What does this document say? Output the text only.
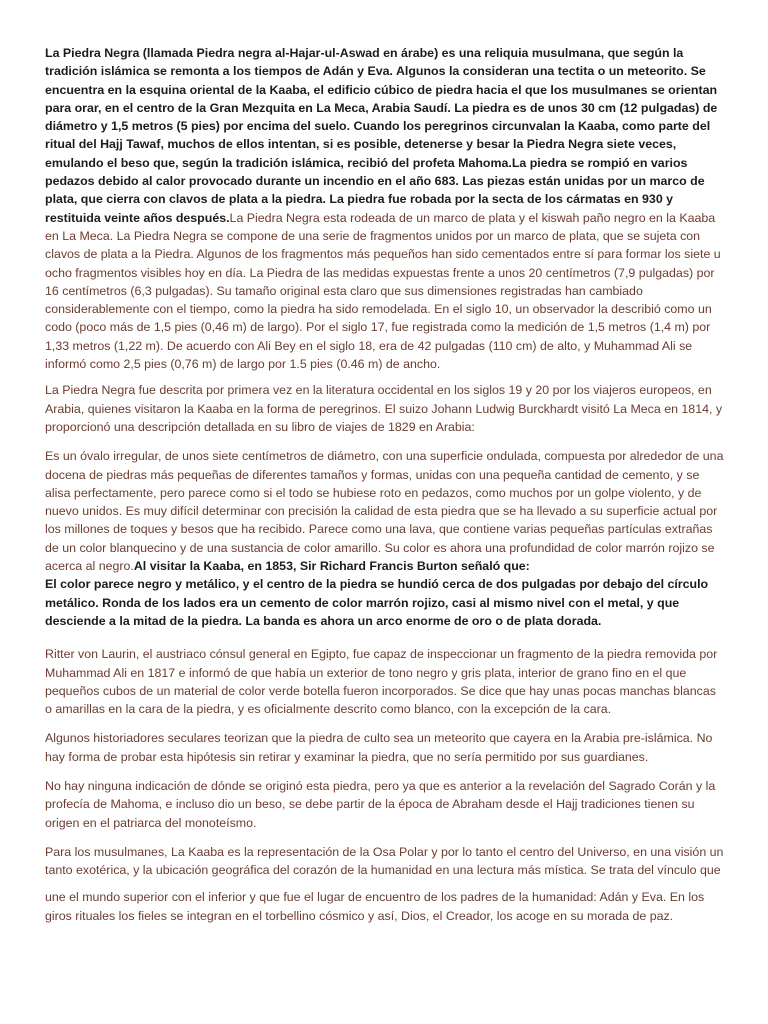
La Piedra Negra (llamada Piedra negra al-Hajar-ul-Aswad en árabe) es una reliquia musulmana, que según la tradición islámica se remonta a los tiempos de Adán y Eva. Algunos la consideran una tectita o un meteorito. Se encuentra en la esquina oriental de la Kaaba, el edificio cúbico de piedra hacia el que los musulmanes se orientan para orar, en el centro de la Gran Mezquita en La Meca, Arabia Saudí. La piedra es de unos 30 cm (12 pulgadas) de diámetro y 1,5 metros (5 pies) por encima del suelo. Cuando los peregrinos circunvalan la Kaaba, como parte del ritual del Hajj Tawaf, muchos de ellos intentan, si es posible, detenerse y besar la Piedra Negra siete veces, emulando el beso que, según la tradición islámica, recibió del profeta Mahoma.La piedra se rompió en varios pedazos debido al calor provocado durante un incendio en el año 683. Las piezas están unidas por un marco de plata, que cierra con clavos de plata a la piedra. La piedra fue robada por la secta de los cármatas en 930 y restituida veinte años después.La Piedra Negra esta rodeada de un marco de plata y el kiswah paño negro en la Kaaba en La Meca. La Piedra Negra se compone de una serie de fragmentos unidos por un marco de plata, que se sujeta con clavos de plata a la Piedra. Algunos de los fragmentos más pequeños han sido cementados entre sí para formar los siete u ocho fragmentos visibles hoy en día. La Piedra de las medidas expuestas frente a unos 20 centímetros (7,9 pulgadas) por 16 centímetros (6,3 pulgadas). Su tamaño original esta claro que sus dimensiones registradas han cambiado considerablemente con el tiempo, como la piedra ha sido remodelada. En el siglo 10, un observador la describió como un codo (poco más de 1,5 pies (0,46 m) de largo). Por el siglo 17, fue registrada como la medición de 1,5 metros (1,4 m) por 1,33 metros (1,22 m). De acuerdo con Ali Bey en el siglo 18, era de 42 pulgadas (110 cm) de alto, y Muhammad Ali se informó como 2,5 pies (0,76 m) de largo por 1.5 pies (0.46 m) de ancho.

La Piedra Negra fue descrita por primera vez en la literatura occidental en los siglos 19 y 20 por los viajeros europeos, en Arabia, quienes visitaron la Kaaba en la forma de peregrinos. El suizo Johann Ludwig Burckhardt visitó La Meca en 1814, y proporcionó una descripción detallada en su libro de viajes de 1829 en Arabia:

Es un óvalo irregular, de unos siete centímetros de diámetro, con una superficie ondulada, compuesta por alrededor de una docena de piedras más pequeñas de diferentes tamaños y formas, unidas con una pequeña cantidad de cemento, y se alisa perfectamente, pero parece como si el todo se hubiese roto en pedazos, como muchos por un golpe violento, y de nuevo unidos. Es muy difícil determinar con precisión la calidad de esta piedra que se ha llevado a su superficie actual por los millones de toques y besos que ha recibido. Parece como una lava, que contiene varias pequeñas partículas extrañas de un color blanquecino y de una sustancia de color amarillo. Su color es ahora una profundidad de color marrón rojizo se acerca al negro.Al visitar la Kaaba, en 1853, Sir Richard Francis Burton señaló que:
El color parece negro y metálico, y el centro de la piedra se hundió cerca de dos pulgadas por debajo del círculo metálico. Ronda de los lados era un cemento de color marrón rojizo, casi al mismo nivel con el metal, y que desciende a la mitad de la piedra. La banda es ahora un arco enorme de oro o de plata dorada.

Ritter von Laurin, el austriaco cónsul general en Egipto, fue capaz de inspeccionar un fragmento de la piedra removida por Muhammad Ali en 1817 e informó de que había un exterior de tono negro y gris plata, interior de grano fino en el que pequeños cubos de un material de color verde botella fueron incorporados. Se dice que hay unas pocas manchas blancas o amarillas en la cara de la piedra, y es oficialmente descrito como blanco, con la excepción de la cara.

Algunos historiadores seculares teorizan que la piedra de culto sea un meteorito que cayera en la Arabia pre-islámica. No hay forma de probar esta hipótesis sin retirar y examinar la piedra, que no sería permitido por sus guardianes.

No hay ninguna indicación de dónde se originó esta piedra, pero ya que es anterior a la revelación del Sagrado Corán y la profecía de Mahoma, e incluso dio un beso, se debe partir de la época de Abraham desde el Hajj tradiciones tienen su origen en el patriarca del monoteísmo.

Para los musulmanes, La Kaaba es la representación de la Osa Polar y por lo tanto el centro del Universo, en una visión un tanto exotérica, y la ubicación geográfica del corazón de la humanidad en una lectura más mística. Se trata del vínculo que

une el mundo superior con el inferior y que fue el lugar de encuentro de los padres de la humanidad: Adán y Eva. En los giros rituales los fieles se integran en el torbellino cósmico y así, Dios, el Creador, los acoge en su morada de paz.
